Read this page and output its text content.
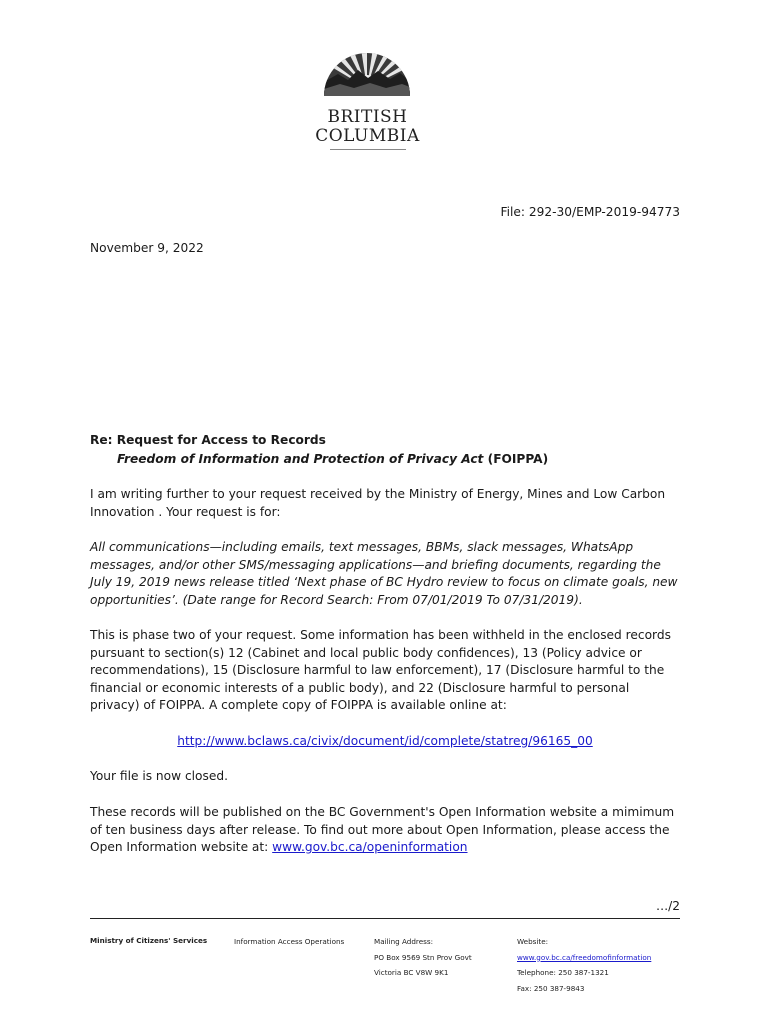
BRITISH
COLUMBIA
File: 292-30/EMP-2019-94773
November 9, 2022
Re: Request for Access to Records
Freedom of Information and Protection of Privacy Act (FOIPPA)
I am writing further to your request received by the Ministry of Energy, Mines and Low Carbon Innovation . Your request is for:
All communications—including emails, text messages, BBMs, slack messages, WhatsApp messages, and/or other SMS/messaging applications—and briefing documents, regarding the July 19, 2019 news release titled ‘Next phase of BC Hydro review to focus on climate goals, new opportunities’. (Date range for Record Search: From 07/01/2019 To 07/31/2019).
This is phase two of your request. Some information has been withheld in the enclosed records pursuant to section(s) 12 (Cabinet and local public body confidences), 13 (Policy advice or recommendations), 15 (Disclosure harmful to law enforcement), 17 (Disclosure harmful to the financial or economic interests of a public body), and 22 (Disclosure harmful to personal privacy) of FOIPPA. A complete copy of FOIPPA is available online at:
http://www.bclaws.ca/civix/document/id/complete/statreg/96165_00
Your file is now closed.
These records will be published on the BC Government's Open Information website a mimimum of ten business days after release. To find out more about Open Information, please access the Open Information website at: www.gov.bc.ca/openinformation
…/2
Ministry of Citizens' Services	Information Access Operations	Mailing Address:
PO Box 9569 Stn Prov Govt
Victoria BC V8W 9K1
Website:
www.gov.bc.ca/freedomofinformation
Telephone: 250 387-1321
Fax: 250 387-9843
